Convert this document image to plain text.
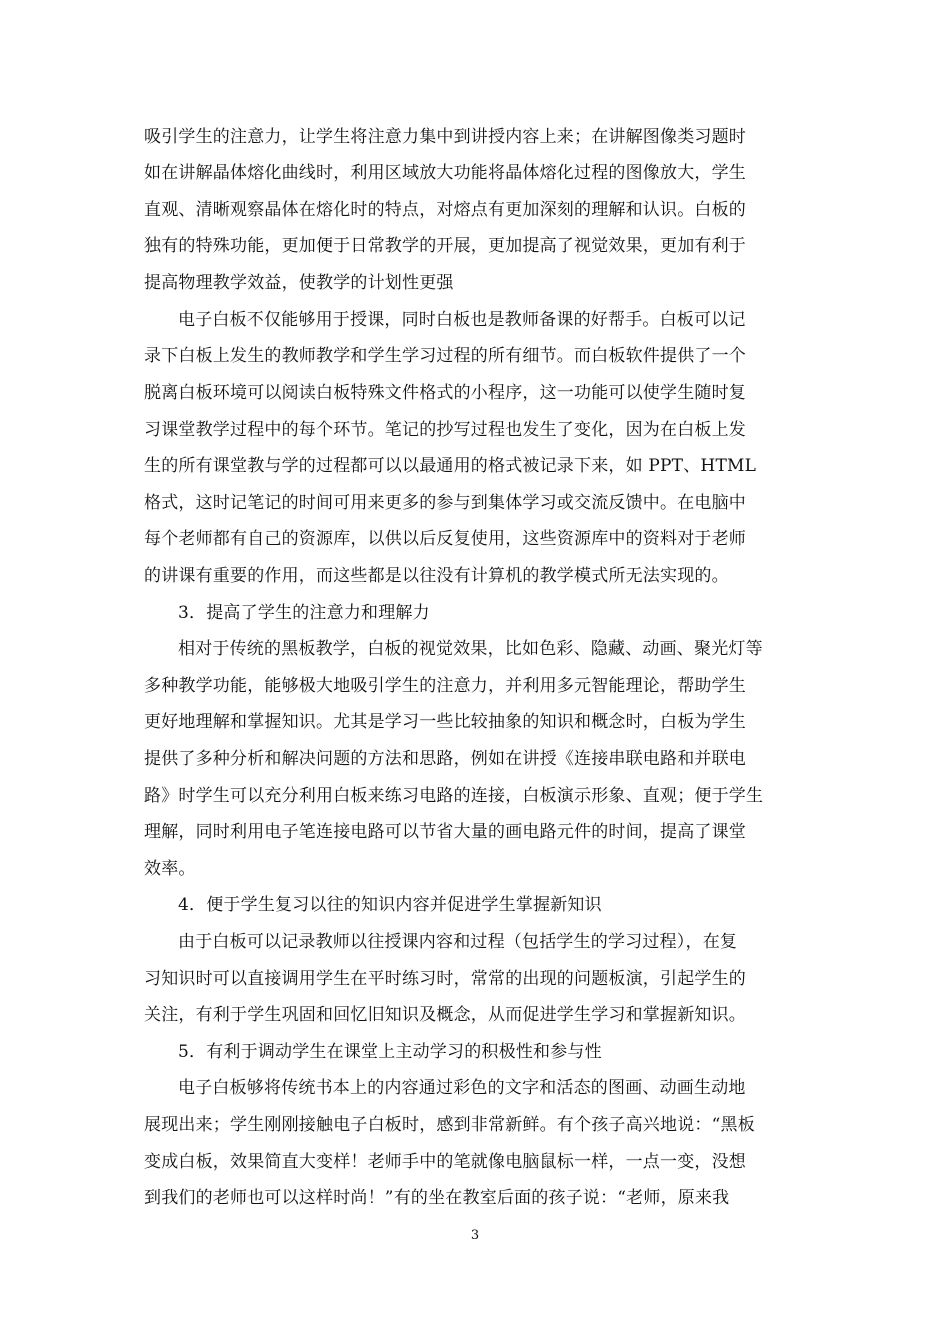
吸引学生的注意力，让学生将注意力集中到讲授内容上来；在讲解图像类习题时
如在讲解晶体熔化曲线时，利用区域放大功能将晶体熔化过程的图像放大，学生
直观、清晰观察晶体在熔化时的特点，对熔点有更加深刻的理解和认识。白板的
独有的特殊功能，更加便于日常教学的开展，更加提高了视觉效果，更加有利于
提高物理教学效益，使教学的计划性更强
电子白板不仅能够用于授课，同时白板也是教师备课的好帮手。白板可以记
录下白板上发生的教师教学和学生学习过程的所有细节。而白板软件提供了一个
脱离白板环境可以阅读白板特殊文件格式的小程序，这一功能可以使学生随时复
习课堂教学过程中的每个环节。笔记的抄写过程也发生了变化，因为在白板上发
生的所有课堂教与学的过程都可以以最通用的格式被记录下来，如 PPT、HTML
格式，这时记笔记的时间可用来更多的参与到集体学习或交流反馈中。在电脑中
每个老师都有自己的资源库，以供以后反复使用，这些资源库中的资料对于老师
的讲课有重要的作用，而这些都是以往没有计算机的教学模式所无法实现的。
3．提高了学生的注意力和理解力
相对于传统的黑板教学，白板的视觉效果，比如色彩、隐藏、动画、聚光灯等
多种教学功能，能够极大地吸引学生的注意力，并利用多元智能理论，帮助学生
更好地理解和掌握知识。尤其是学习一些比较抽象的知识和概念时，白板为学生
提供了多种分析和解决问题的方法和思路，例如在讲授《连接串联电路和并联电
路》时学生可以充分利用白板来练习电路的连接，白板演示形象、直观；便于学生
理解，同时利用电子笔连接电路可以节省大量的画电路元件的时间，提高了课堂
效率。
4．便于学生复习以往的知识内容并促进学生掌握新知识
由于白板可以记录教师以往授课内容和过程（包括学生的学习过程），在复
习知识时可以直接调用学生在平时练习时，常常的出现的问题板演，引起学生的
关注，有利于学生巩固和回忆旧知识及概念，从而促进学生学习和掌握新知识。
5．有利于调动学生在课堂上主动学习的积极性和参与性
电子白板够将传统书本上的内容通过彩色的文字和活态的图画、动画生动地
展现出来；学生刚刚接触电子白板时，感到非常新鲜。有个孩子高兴地说：“黑板
变成白板，效果简直大变样！老师手中的笔就像电脑鼠标一样，一点一变，没想
到我们的老师也可以这样时尚！”有的坐在教室后面的孩子说：“老师，原来我
3
